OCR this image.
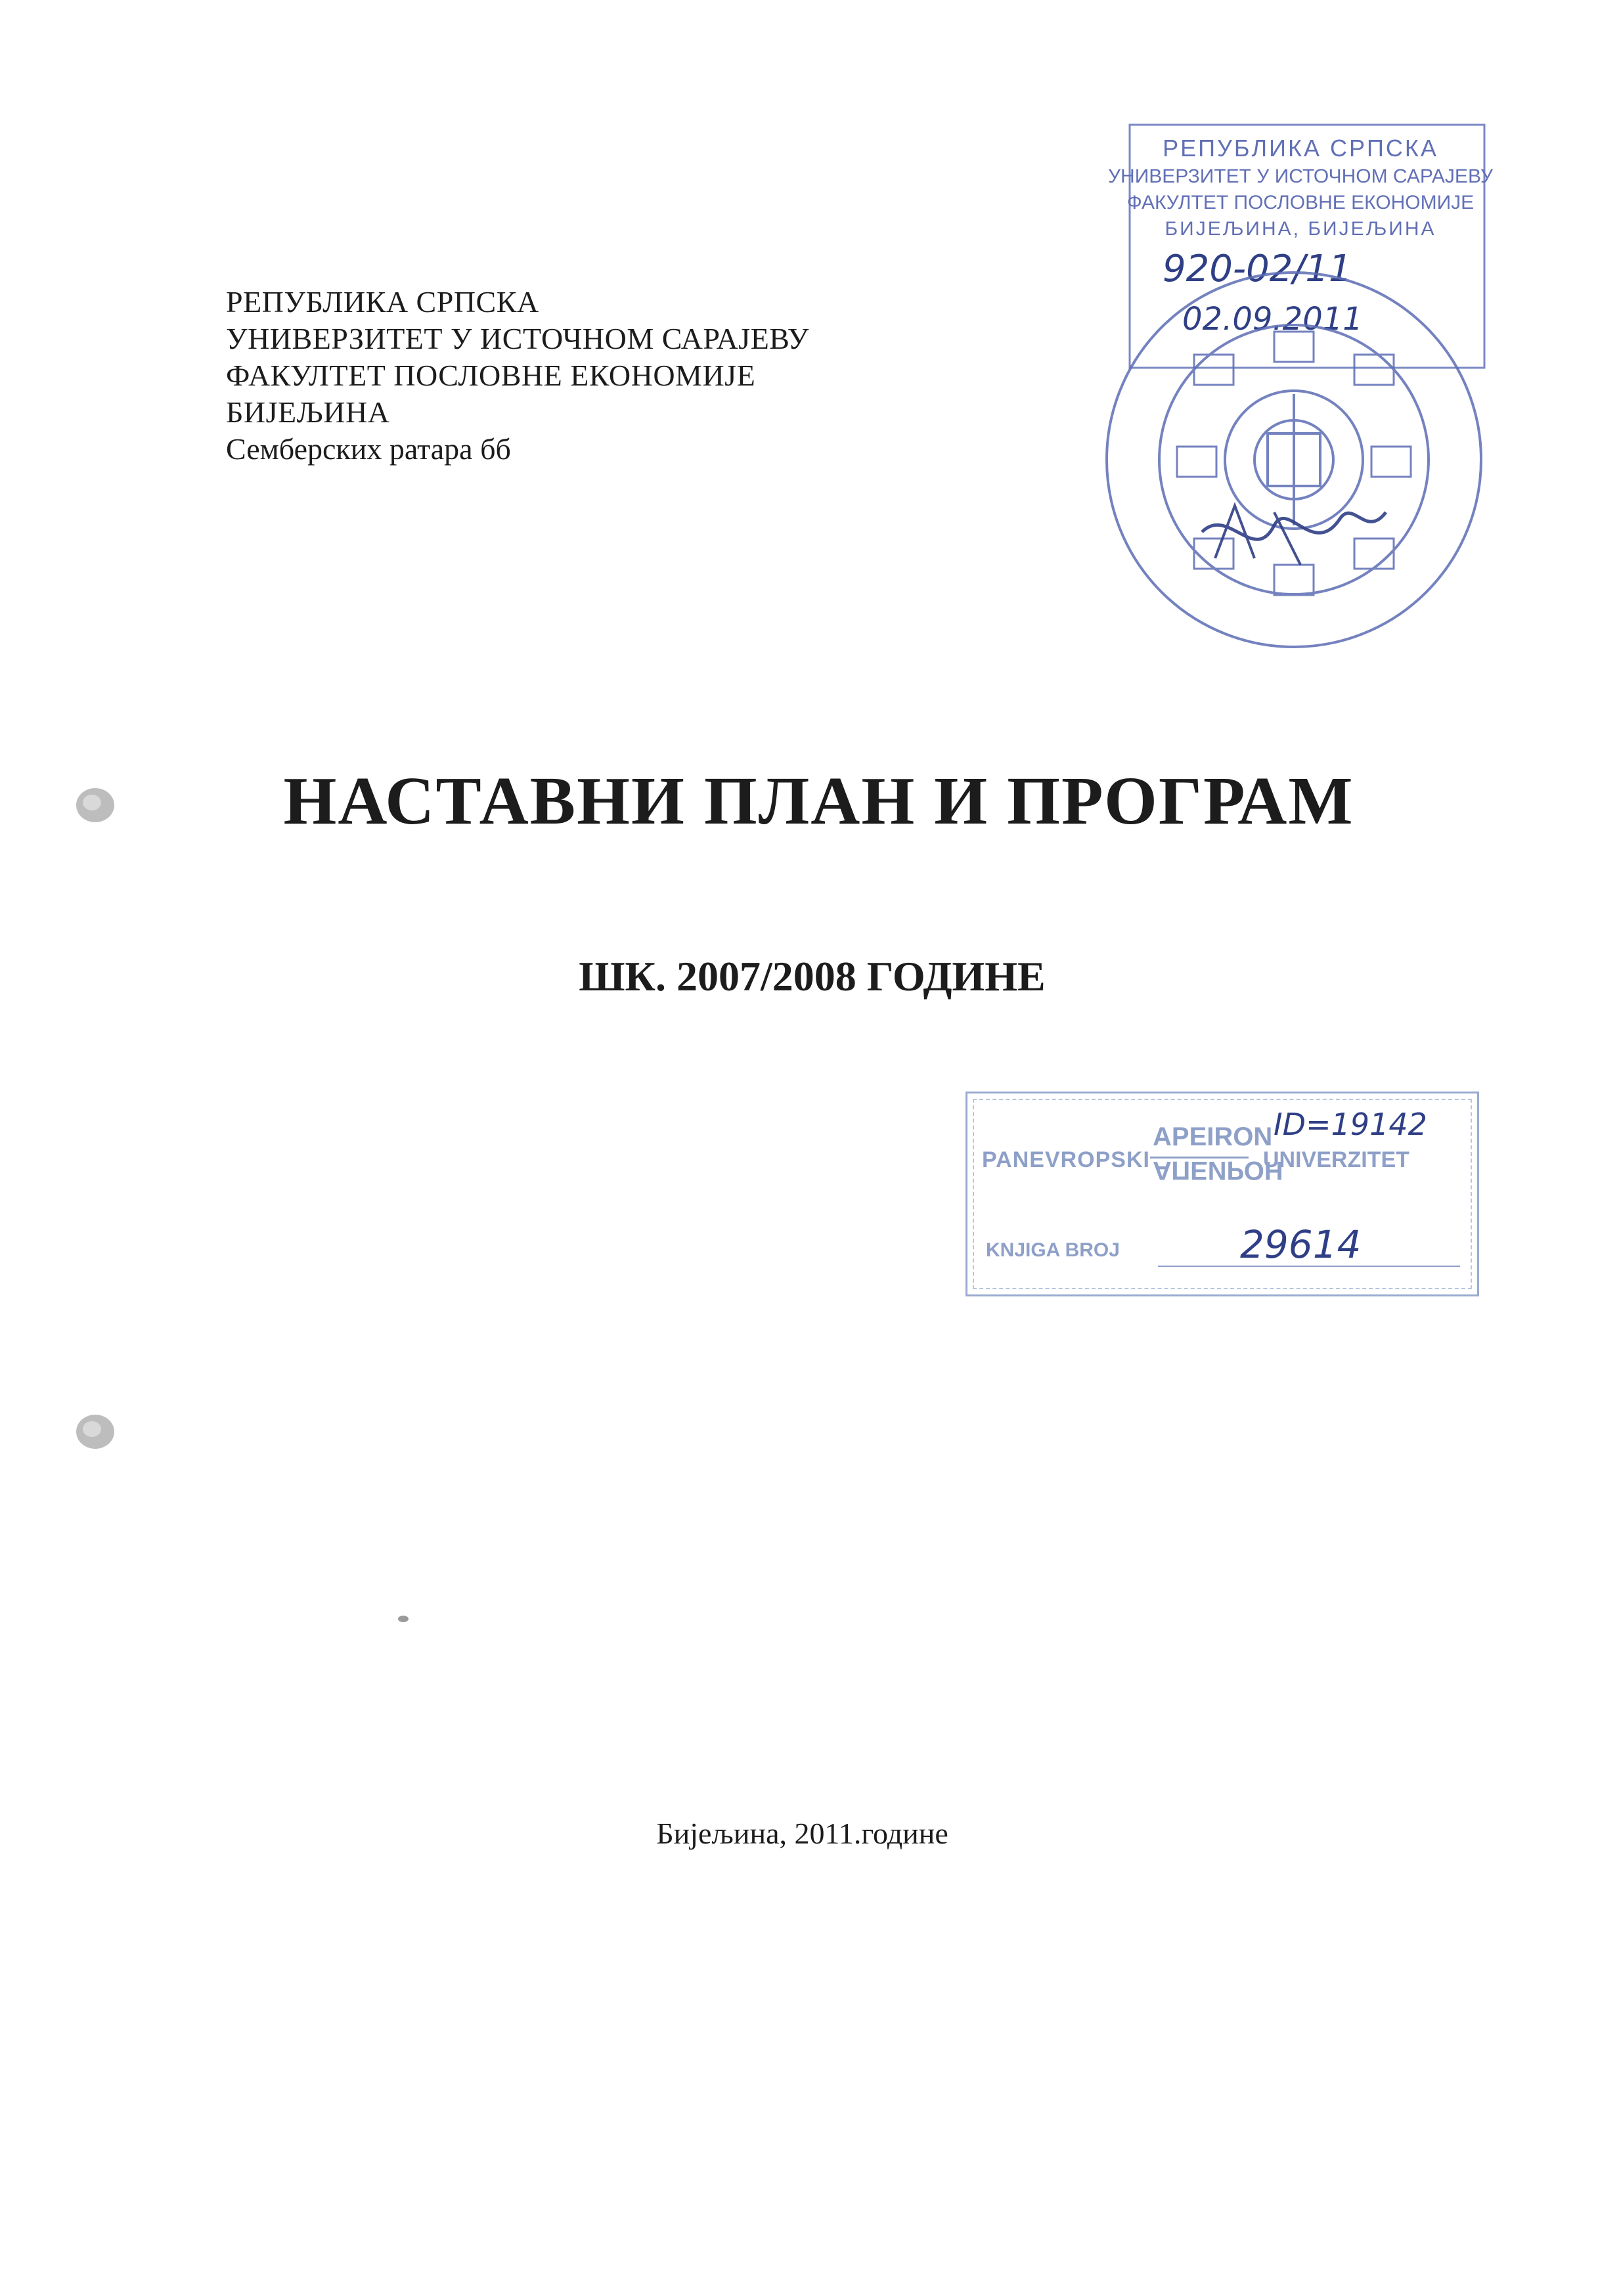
РЕПУБЛИКА СРПСКА
УНИВЕРЗИТЕТ У ИСТОЧНОМ САРАЈЕВУ
ФАКУЛТЕТ ПОСЛОВНЕ ЕКОНОМИЈЕ
БИЈЕЉИНА
Семберских ратара бб
РЕПУБЛИКА СРПСКА
УНИВЕРЗИТЕТ У ИСТОЧНОМ САРАЈЕВУ
ФАКУЛТЕТ ПОСЛОВНЕ ЕКОНОМИЈЕ
БИЈЕЉИНА, БИЈЕЉИНА
920-02/11
02.09.2011
НАСТАВНИ ПЛАН И ПРОГРАМ
ШК. 2007/2008 ГОДИНЕ
PANEVROPSKI
APEIRON
АПЕИРОН
UNIVERZITET
ID=19142
KNJIGA BROJ	29614
Бијељина, 2011.године
